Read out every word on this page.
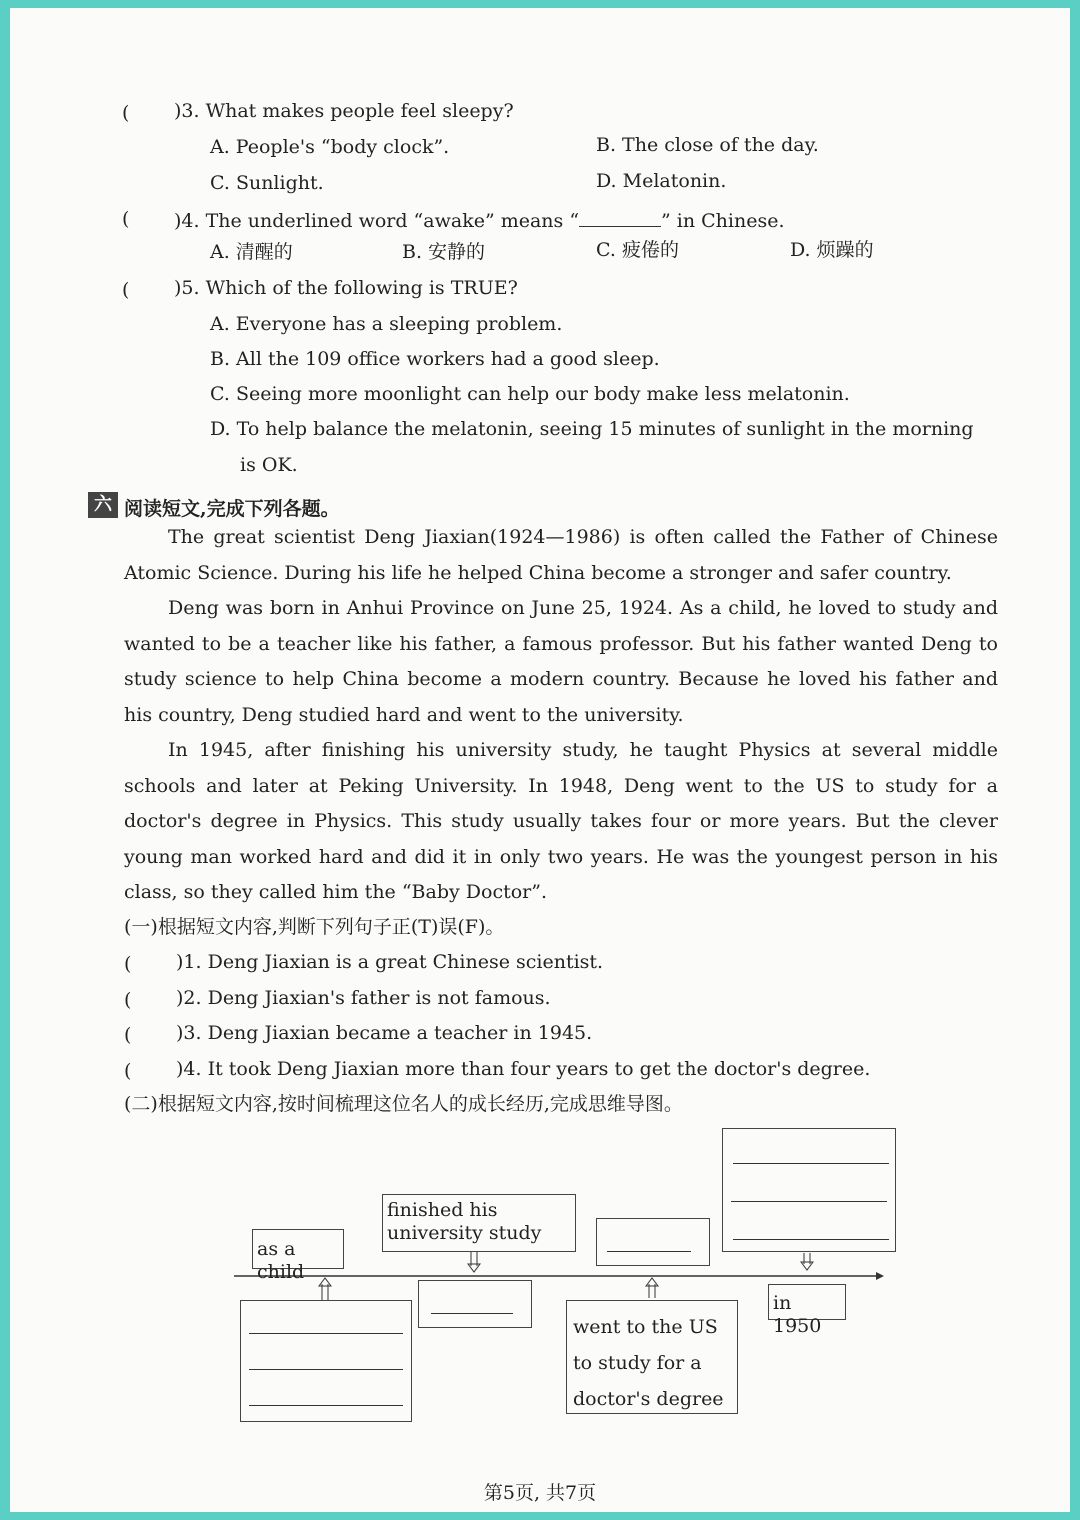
( )3. What makes people feel sleepy?
A. People's “body clock”.	B. The close of the day.
C. Sunlight.	D. Melatonin.
( )4. The underlined word “awake” means “	” in Chinese.
A. 清醒的	B. 安静的	C. 疲倦的	D. 烦躁的
( )5. Which of the following is TRUE?
A. Everyone has a sleeping problem.
B. All the 109 office workers had a good sleep.
C. Seeing more moonlight can help our body make less melatonin.
D. To help balance the melatonin, seeing 15 minutes of sunlight in the morning
is OK.
六 阅读短文,完成下列各题。
The great scientist Deng Jiaxian(1924—1986) is often called the Father of Chinese Atomic Science. During his life he helped China become a stronger and safer country.
Deng was born in Anhui Province on June 25, 1924. As a child, he loved to study and wanted to be a teacher like his father, a famous professor. But his father wanted Deng to study science to help China become a modern country. Because he loved his father and his country, Deng studied hard and went to the university.
In 1945, after finishing his university study, he taught Physics at several middle schools and later at Peking University. In 1948, Deng went to the US to study for a doctor's degree in Physics. This study usually takes four or more years. But the clever young man worked hard and did it in only two years. He was the youngest person in his class, so they called him the “Baby Doctor”.
(一)根据短文内容,判断下列句子正(T)误(F)。
( )1. Deng Jiaxian is a great Chinese scientist.
( )2. Deng Jiaxian's father is not famous.
( )3. Deng Jiaxian became a teacher in 1945.
( )4. It took Deng Jiaxian more than four years to get the doctor's degree.
(二)根据短文内容,按时间梳理这位名人的成长经历,完成思维导图。
as a child
finished his university study
went to the US to study for a doctor's degree
in 1950
第5页, 共7页
